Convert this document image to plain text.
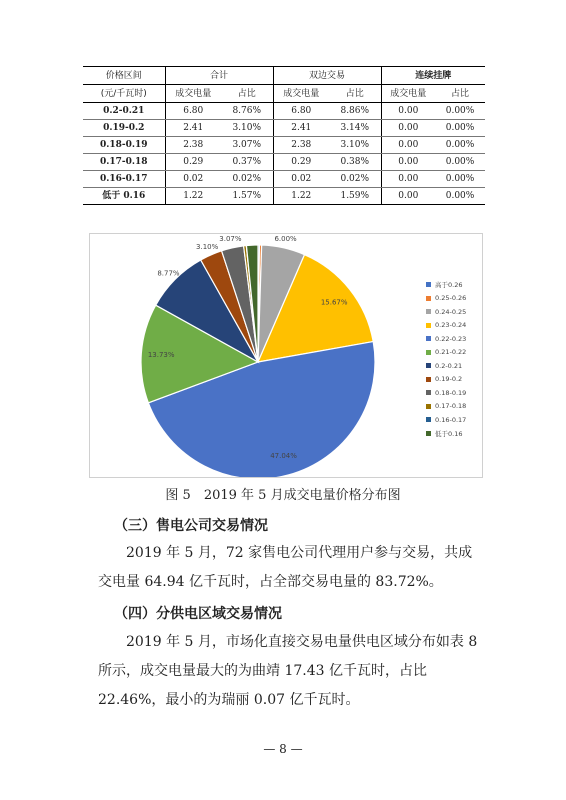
价格区间	合计		双边交易		连续挂牌	
(元/千瓦时)	成交电量	占比	成交电量	占比	成交电量	占比
0.2-0.21	6.80	8.76%	6.80	8.86%	0.00	0.00%
0.19-0.2	2.41	3.10%	2.41	3.14%	0.00	0.00%
0.18-0.19	2.38	3.07%	2.38	3.10%	0.00	0.00%
0.17-0.18	0.29	0.37%	0.29	0.38%	0.00	0.00%
0.16-0.17	0.02	0.02%	0.02	0.02%	0.00	0.00%
低于 0.16	1.22	1.57%	1.22	1.59%	0.00	0.00%
6.00%
15.67%
47.04%
13.73%
8.77%
3.10%
3.07%
高于0.26
0.25-0.26
0.24-0.25
0.23-0.24
0.22-0.23
0.21-0.22
0.2-0.21
0.19-0.2
0.18-0.19
0.17-0.18
0.16-0.17
低于0.16
图 5　2019 年 5 月成交电量价格分布图
（三）售电公司交易情况
2019 年 5 月，72 家售电公司代理用户参与交易，共成交电量 64.94 亿千瓦时，占全部交易电量的 83.72%。
（四）分供电区域交易情况
2019 年 5 月，市场化直接交易电量供电区域分布如表 8 所示，成交电量最大的为曲靖 17.43 亿千瓦时，占比 22.46%，最小的为瑞丽 0.07 亿千瓦时。
— 8 —
